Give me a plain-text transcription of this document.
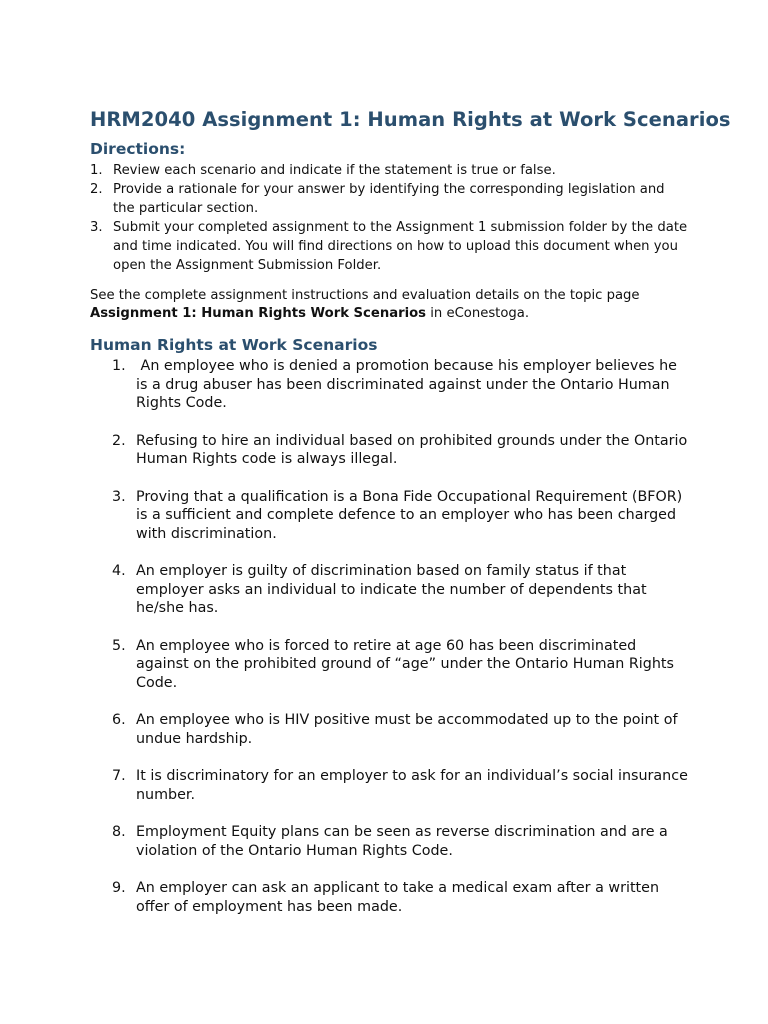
HRM2040 Assignment 1: Human Rights at Work Scenarios
Directions:
1. Review each scenario and indicate if the statement is true or false.
2. Provide a rationale for your answer by identifying the corresponding legislation and the particular section.
3. Submit your completed assignment to the Assignment 1 submission folder by the date and time indicated. You will find directions on how to upload this document when you open the Assignment Submission Folder.

See the complete assignment instructions and evaluation details on the topic page Assignment 1: Human Rights Work Scenarios in eConestoga.

Human Rights at Work Scenarios
1. An employee who is denied a promotion because his employer believes he is a drug abuser has been discriminated against under the Ontario Human Rights Code.
2. Refusing to hire an individual based on prohibited grounds under the Ontario Human Rights code is always illegal.
3. Proving that a qualification is a Bona Fide Occupational Requirement (BFOR) is a sufficient and complete defence to an employer who has been charged with discrimination.
4. An employer is guilty of discrimination based on family status if that employer asks an individual to indicate the number of dependents that he/she has.
5. An employee who is forced to retire at age 60 has been discriminated against on the prohibited ground of “age” under the Ontario Human Rights Code.
6. An employee who is HIV positive must be accommodated up to the point of undue hardship.
7. It is discriminatory for an employer to ask for an individual’s social insurance number.
8. Employment Equity plans can be seen as reverse discrimination and are a violation of the Ontario Human Rights Code.
9. An employer can ask an applicant to take a medical exam after a written offer of employment has been made.
